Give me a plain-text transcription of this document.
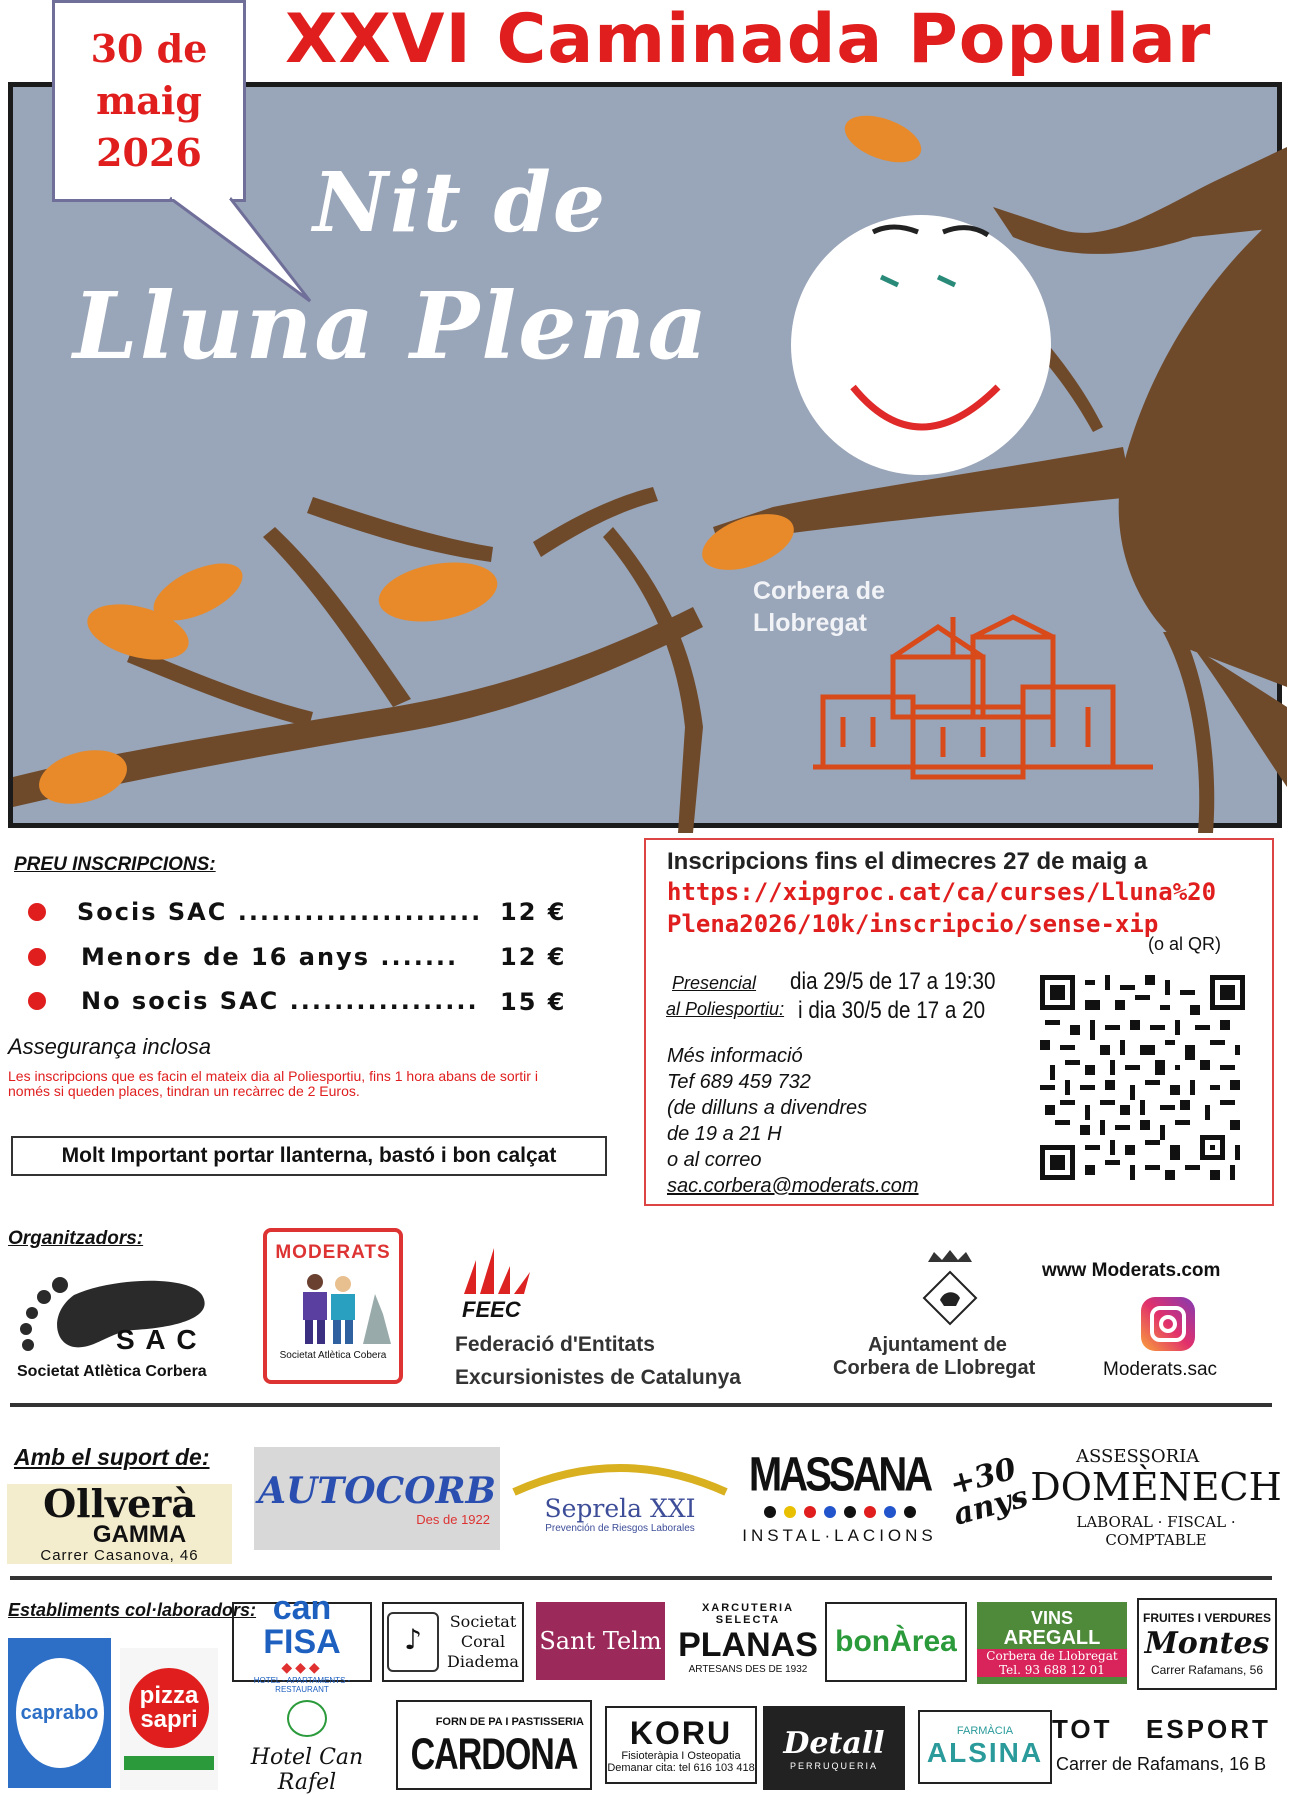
XXVI Caminada Popular
Nit de
Lluna Plena
Corbera de
Llobregat
30 de
maig
2026
PREU INSCRIPCIONS:
Socis SAC ...................... 12 €
Menors de 16 anys ....... 12 €
No socis SAC ................. 15 €
Assegurança inclosa
Les inscripcions que es facin el mateix dia al Poliesportiu, fins 1 hora abans de sortir i només si queden places, tindran un recàrrec de 2 Euros.
Molt Important portar llanterna, bastó i bon calçat
Inscripcions fins el dimecres 27 de maig a
https://xipgroc.cat/ca/curses/Lluna%20
Plena2026/10k/inscripcio/sense-xip
(o al QR)
Presencial
al Poliesportiu:
dia 29/5 de 17 a 19:30
i dia 30/5 de 17 a 20
Més informació
Tef 689 459 732
(de dilluns a divendres
de 19 a 21 H
o al correo
sac.corbera@moderats.com
Organitzadors:
S A C
Societat Atlètica Corbera
MODERATS
Societat Atlètica Cobera
FEEC
Federació d'Entitats
Excursionistes de Catalunya
Ajuntament de
Corbera de Llobregat
www Moderats.com
Moderats.sac
Amb el suport de:
Ollverà
GAMMA
Carrer Casanova, 46
AUTOCORB
Des de 1922 Seprela XXI
Prevención de Riesgos Laborales
MASSANA
INSTAL·LACIONS
+30 anys
ASSESSORIA
DOMÈNECH
LABORAL · FISCAL · COMPTABLE
Establiments col·laboradors:
caprabo
pizza sapri
can FISA
◆◆◆
HOTEL - APARTAMENTS - RESTAURANT
♪
Societat
Coral
Diadema
Sant Telm
XARCUTERIA SELECTA
PLANAS
ARTESANS DES DE 1932
bonÀrea
VINS
AREGALL
Corbera de Llobregat
Tel. 93 688 12 01
FRUITES I VERDURES
Montes
Carrer Rafamans, 56
Hotel Can Rafel
FORN DE PA I PASTISSERIA
CARDONA KORU
Fisioteràpia I Osteopatia
Demanar cita: tel 616 103 418
Detall
PERRUQUERIA
FARMÀCIA
ALSINA
TOT ESPORT
Carrer de Rafamans, 16 B
